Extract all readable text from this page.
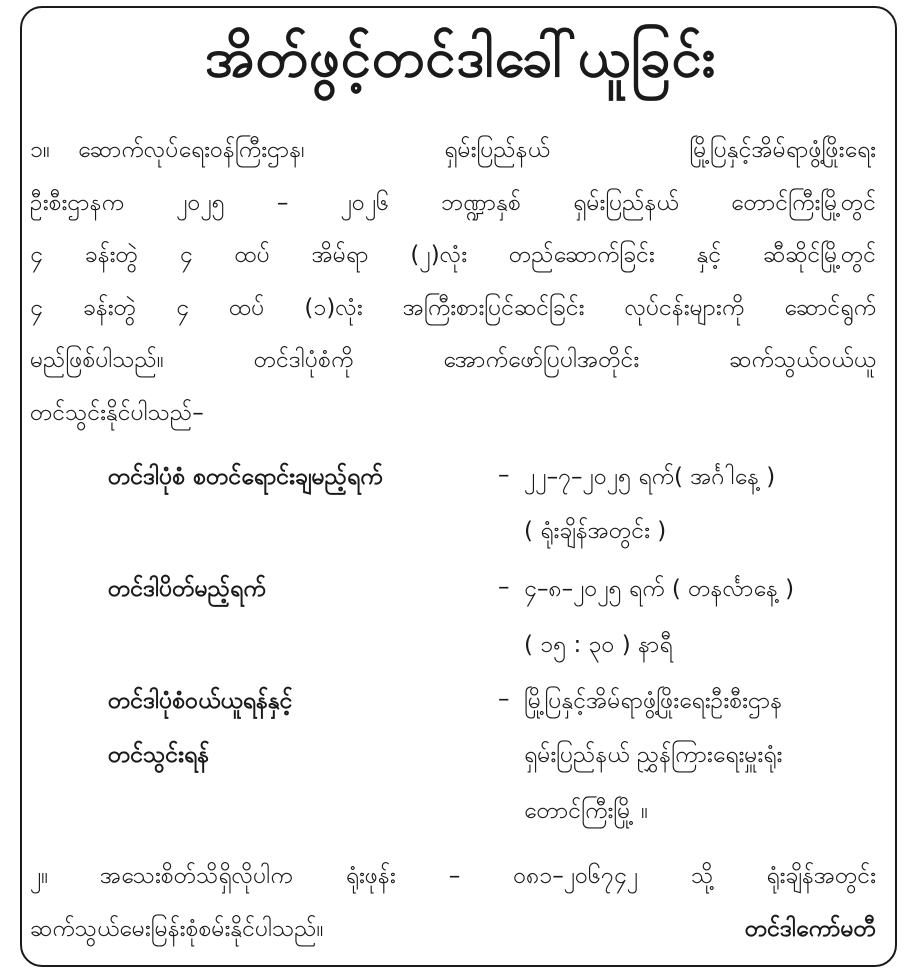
အိတ်ဖွင့်တင်ဒါခေါ်ယူခြင်း
၁။	ဆောက်လုပ်ရေးဝန်ကြီးဌာန၊ ရှမ်းပြည်နယ် မြို့ပြနှင့်အိမ်ရာဖွံ့ဖြိုးရေး
ဦးစီးဌာနက ၂၀၂၅ – ၂၀၂၆ ဘဏ္ဍာနှစ် ရှမ်းပြည်နယ် တောင်ကြီးမြို့တွင်
၄ ခန်းတွဲ ၄ ထပ် အိမ်ရာ (၂)လုံး တည်ဆောက်ခြင်း နှင့် ဆီဆိုင်မြို့တွင်
၄ ခန်းတွဲ ၄ ထပ် (၁)လုံး အကြီးစားပြင်ဆင်ခြင်း လုပ်ငန်းများကို ဆောင်ရွက်
မည်ဖြစ်ပါသည်။ တင်ဒါပုံစံကို အောက်ဖော်ပြပါအတိုင်း ဆက်သွယ်ဝယ်ယူ
တင်သွင်းနိုင်ပါသည်–
တင်ဒါပုံစံ စတင်ရောင်းချမည့်ရက်	– ၂၂–၇–၂၀၂၅ ရက်( အင်္ဂါနေ့ )
( ရုံးချိန်အတွင်း )
တင်ဒါပိတ်မည့်ရက်	– ၄–၈–၂၀၂၅ ရက် ( တနင်္လာနေ့ )
( ၁၅ : ၃၀ ) နာရီ
တင်ဒါပုံစံဝယ်ယူရန်နှင့်
တင်သွင်းရန်
– မြို့ပြနှင့်အိမ်ရာဖွံ့ဖြိုးရေးဦးစီးဌာန
ရှမ်းပြည်နယ် ညွှန်ကြားရေးမှူးရုံး
တောင်ကြီးမြို့ ။
၂။	အသေးစိတ်သိရှိလိုပါက ရုံးဖုန်း – ၀၈၁–၂၀၆၇၄၂ သို့ ရုံးချိန်အတွင်း
ဆက်သွယ်မေးမြန်းစုံစမ်းနိုင်ပါသည်။	တင်ဒါကော်မတီ
